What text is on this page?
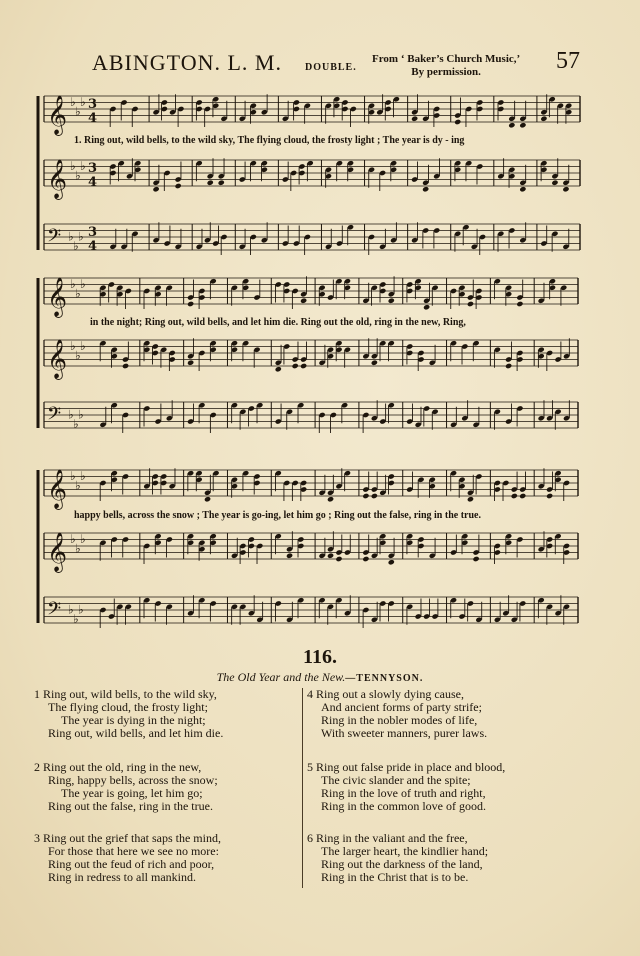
ABINGTON. L. M. DOUBLE.
From ‘ Baker’s Church Music,’
By permission.	57
𝄞 ♭
♭
♭ 3
4
𝄞 ♭
♭
♭ 3
4
𝄢 ♭
♭
♭ 3
4
𝄞 ♭
♭
♭
𝄞 ♭
♭
♭
𝄢 ♭
♭
♭
𝄞 ♭
♭
♭
𝄞 ♭
♭
♭
𝄢 ♭
♭
♭
1. Ring out, wild bells, to the wild sky, The flying cloud, the frosty light ; The year is dy - ing
in the night; Ring out, wild bells, and let him die. Ring out the old, ring in the new, Ring,
happy bells, across the snow ; The year is go-ing, let him go ; Ring out the false, ring in the true.
116.
The Old Year and the New.—TENNYSON.
1 Ring out, wild bells, to the wild sky,
The flying cloud, the frosty light;
The year is dying in the night;
Ring out, wild bells, and let him die.
2 Ring out the old, ring in the new,
Ring, happy bells, across the snow;
The year is going, let him go;
Ring out the false, ring in the true.
3 Ring out the grief that saps the mind,
For those that here we see no more:
Ring out the feud of rich and poor,
Ring in redress to all mankind.
4 Ring out a slowly dying cause,
And ancient forms of party strife;
Ring in the nobler modes of life,
With sweeter manners, purer laws.
5 Ring out false pride in place and blood,
The civic slander and the spite;
Ring in the love of truth and right,
Ring in the common love of good.
6 Ring in the valiant and the free,
The larger heart, the kindlier hand;
Ring out the darkness of the land,
Ring in the Christ that is to be.
